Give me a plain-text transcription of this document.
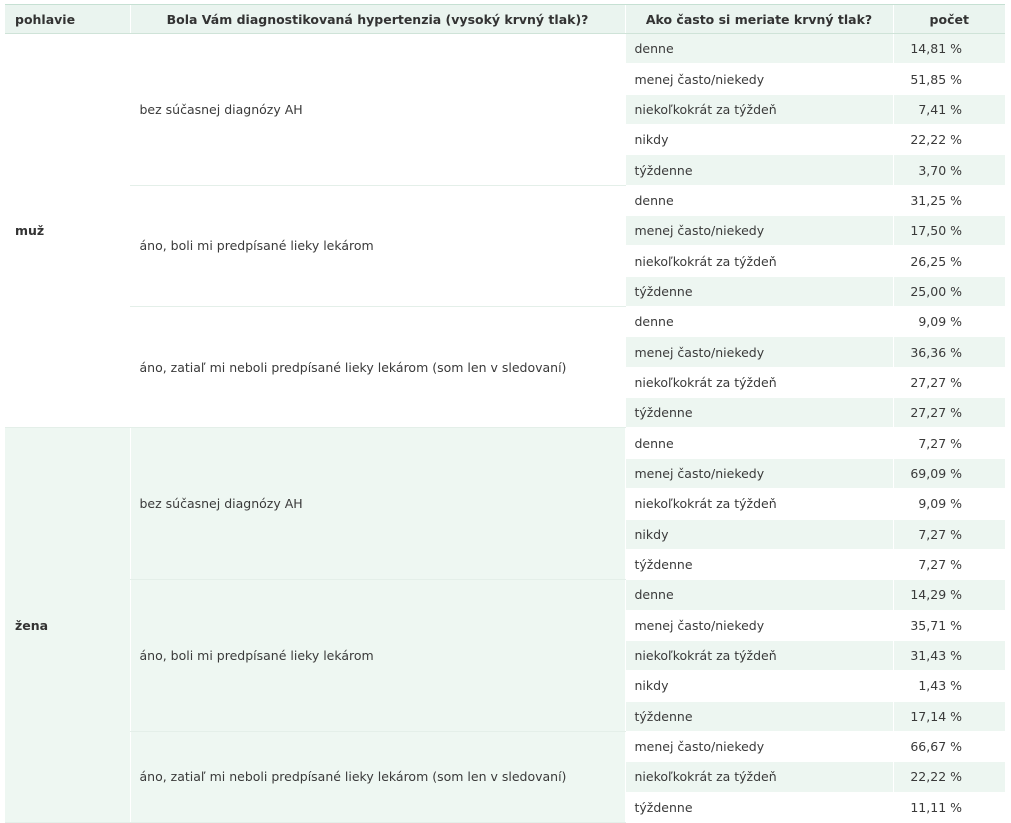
pohlavie	Bola Vám diagnostikovaná hypertenzia (vysoký krvný tlak)?	Ako často si meriate krvný tlak?	počet
muž	bez súčasnej diagnózy AH	denne	14,81 %
		menej často/niekedy	51,85 %
		niekoľkokrát za týždeň	7,41 %
		nikdy	22,22 %
		týždenne	3,70 %
	áno, boli mi predpísané lieky lekárom	denne	31,25 %
		menej často/niekedy	17,50 %
		niekoľkokrát za týždeň	26,25 %
		týždenne	25,00 %
	áno, zatiaľ mi neboli predpísané lieky lekárom (som len v sledovaní)	denne	9,09 %
		menej často/niekedy	36,36 %
		niekoľkokrát za týždeň	27,27 %
		týždenne	27,27 %
žena	bez súčasnej diagnózy AH	denne	7,27 %
		menej často/niekedy	69,09 %
		niekoľkokrát za týždeň	9,09 %
		nikdy	7,27 %
		týždenne	7,27 %
	áno, boli mi predpísané lieky lekárom	denne	14,29 %
		menej často/niekedy	35,71 %
		niekoľkokrát za týždeň	31,43 %
		nikdy	1,43 %
		týždenne	17,14 %
	áno, zatiaľ mi neboli predpísané lieky lekárom (som len v sledovaní)	menej často/niekedy	66,67 %
		niekoľkokrát za týždeň	22,22 %
		týždenne	11,11 %
